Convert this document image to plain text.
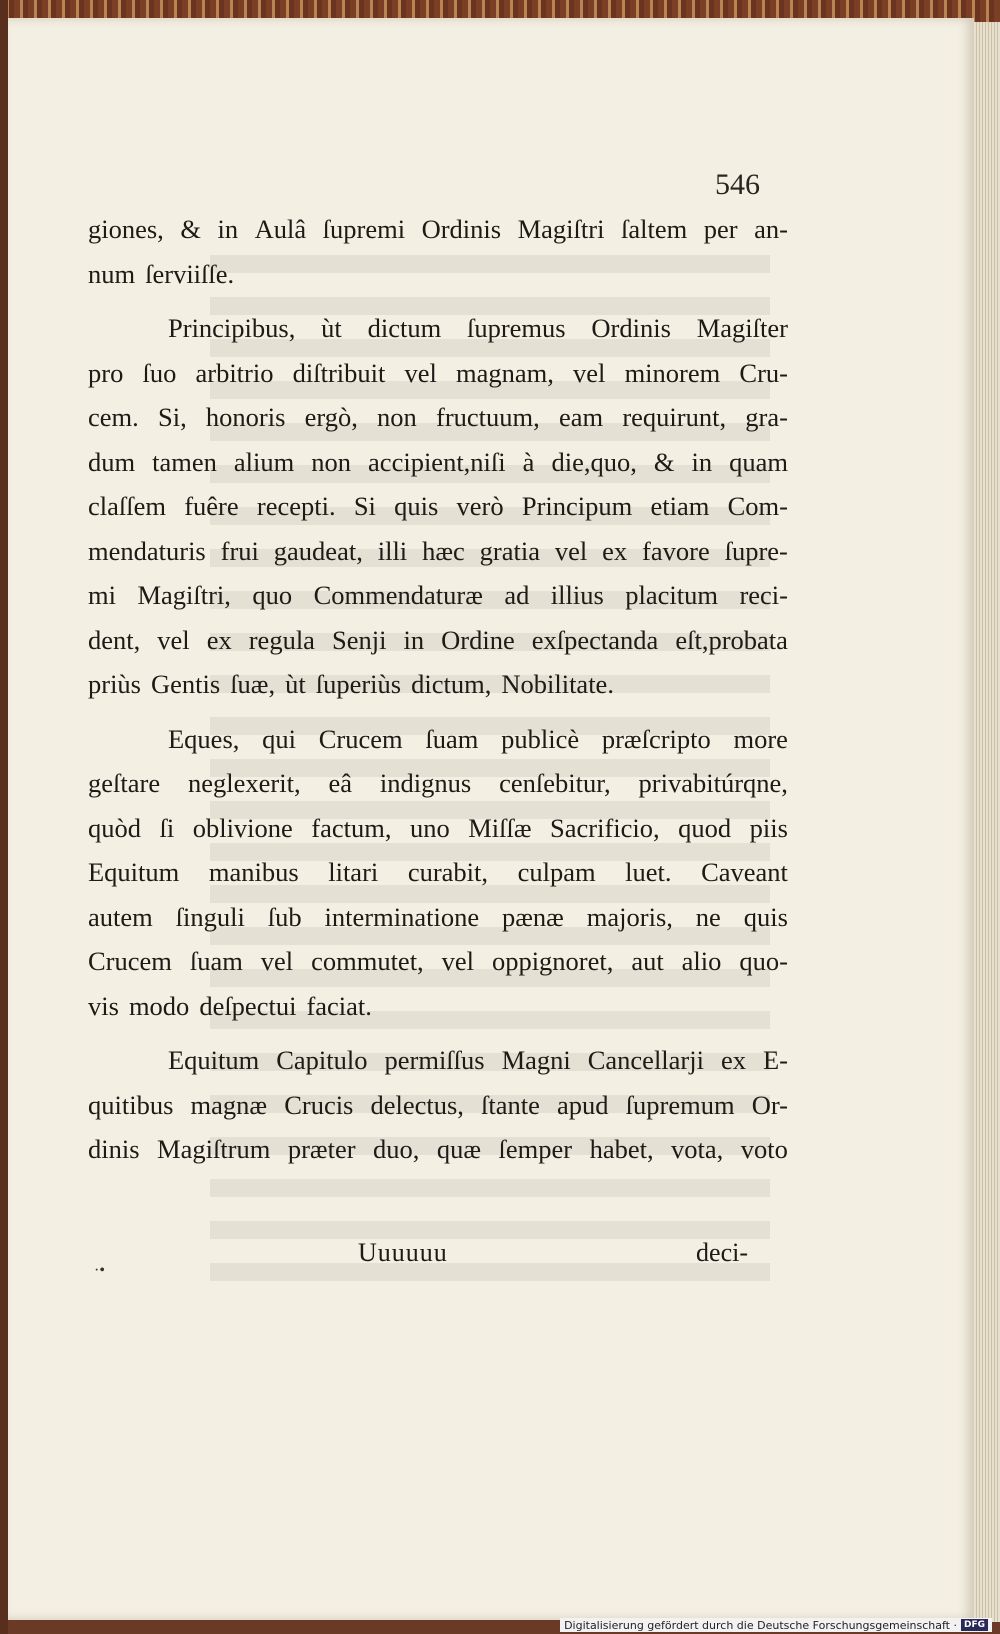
546
giones, & in Aulâ ſupremi Ordinis Magiſtri ſaltem per an-
num ſerviiſſe.
Principibus, ùt dictum ſupremus Ordinis Magiſter
pro ſuo arbitrio diſtribuit vel magnam, vel minorem Cru-
cem. Si, honoris ergò, non fructuum, eam requirunt, gra-
dum tamen alium non accipient,niſi à die,quo, & in quam
claſſem fuêre recepti. Si quis verò Principum etiam Com-
mendaturis frui gaudeat, illi hæc gratia vel ex favore ſupre-
mi Magiſtri, quo Commendaturæ ad illius placitum reci-
dent, vel ex regula Senji in Ordine exſpectanda eſt,probata
priùs Gentis ſuæ, ùt ſuperiùs dictum, Nobilitate.
Eques, qui Crucem ſuam publicè præſcripto more
geſtare neglexerit, eâ indignus cenſebitur, privabitúrqne,
quòd ſi oblivione factum, uno Miſſæ Sacrificio, quod piis
Equitum manibus litari curabit, culpam luet. Caveant
autem ſinguli ſub interminatione pænæ majoris, ne quis
Crucem ſuam vel commutet, vel oppignoret, aut alio quo-
vis modo deſpectui faciat.
Equitum Capitulo permiſſus Magni Cancellarji ex E-
quitibus magnæ Crucis delectus, ſtante apud ſupremum Or-
dinis Magiſtrum præter duo, quæ ſemper habet, vota, voto
Uuuuuu	deci-
·•
Digitalisierung gefördert durch die Deutsche Forschungsgemeinschaft · DFG
